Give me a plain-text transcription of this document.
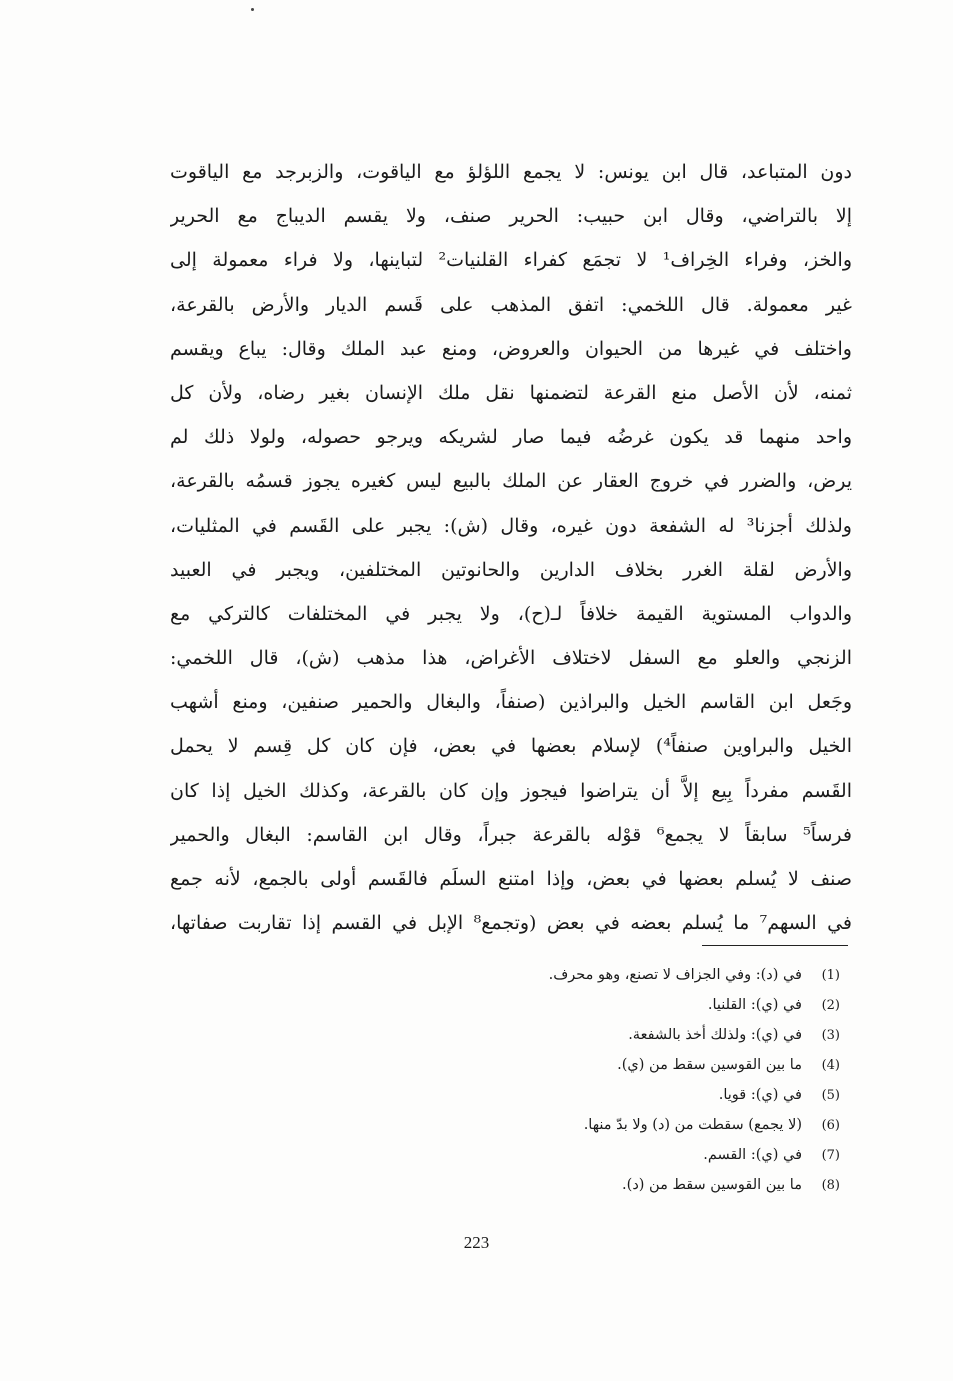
دون المتباعد، قال ابن يونس: لا يجمع اللؤلؤ مع الياقوت، والزبرجد مع الياقوت
إلا بالتراضي، وقال ابن حبيب: الحرير صنف، ولا يقسم الديباج مع الحرير
والخز، وفراء الخِراف¹ لا تجمَع كفراء القلنيات² لتباينها، ولا فراء معمولة إلى
غير معمولة. قال اللخمي: اتفق المذهب على قَسم الديار والأرض بالقرعة،
واختلف في غيرها من الحيوان والعروض، ومنع عبد الملك وقال: يباع ويقسم
ثمنه، لأن الأصل منع القرعة لتضمنها نقل ملك الإنسان بغير رضاه، ولأن كل
واحد منهما قد يكون غرضُه فيما صار لشريكه ويرجو حصوله، ولولا ذلك لم
يرض، والضرر في خروج العقار عن الملك بالبيع ليس كغيره يجوز قسمُه بالقرعة،
ولذلك أجزنا³ له الشفعة دون غيره، وقال (ش): يجبر على القَسم في المثليات،
والأرض لقلة الغرر بخلاف الدارين والحانوتين المختلفين، ويجبر في العبيد
والدواب المستوية القيمة خلافاً لـ(ح)، ولا يجبر في المختلفات كالتركي مع
الزنجي والعلو مع السفل لاختلاف الأغراض، هذا مذهب (ش)، قال اللخمي:
وجَعل ابن القاسم الخيل والبراذين (صنفاً، والبغال والحمير صنفين، ومنع أشهب
الخيل والبراوين صنفاً⁴) لإسلام بعضها في بعض، فإن كان كل قِسم لا يحمل
القَسم مفرداً بِيع إلاَّ أن يتراضوا فيجوز وإن كان بالقرعة، وكذلك الخيل إذا كان
فرساً⁵ سابقاً لا يجمع⁶ قوْله بالقرعة جبراً، وقال ابن القاسم: البغال والحمير
صنف لا يُسلم بعضها في بعض، وإذا امتنع السلَم فالقَسم أولى بالجمع، لأنه جمع
في السهم⁷ ما يُسلم بعضه في بعض (وتجمع⁸ الإبل في القسم إذا تقاربت صفاتها،
(1)
في (د): وفي الجزاف لا تصنع، وهو محرف.
(2)
في (ي): القلنيا.
(3)
في (ي): ولذلك أخذ بالشفعة.
(4)
ما بين القوسين سقط من (ي).
(5)
في (ي): قويا.
(6)
(لا يجمع) سقطت من (د) ولا بدّ منها.
(7)
في (ي): القسم.
(8)
ما بين القوسين سقط من (د).
223
